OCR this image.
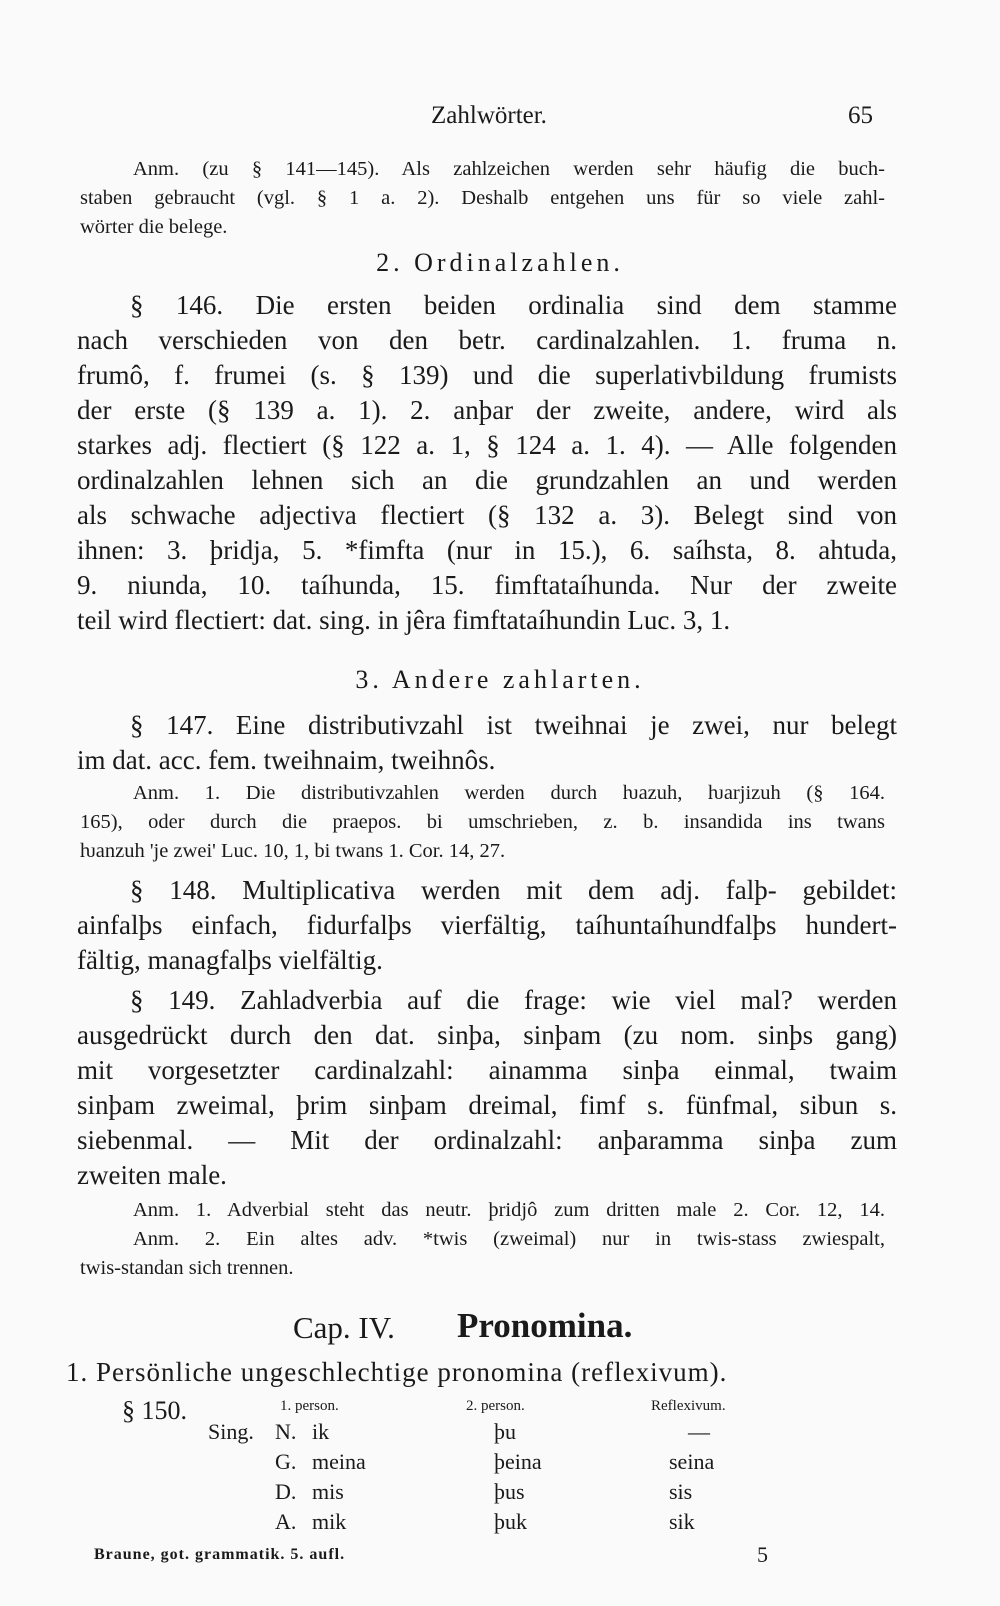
Zahlwörter.	65
Anm. (zu § 141—145). Als zahlzeichen werden sehr häufig die buch-
staben gebraucht (vgl. § 1 a. 2). Deshalb entgehen uns für so viele zahl-
wörter die belege.
2. Ordinalzahlen.
§ 146. Die ersten beiden ordinalia sind dem stamme
nach verschieden von den betr. cardinalzahlen. 1. fruma n.
frumô, f. frumei (s. § 139) und die superlativbildung frumists
der erste (§ 139 a. 1). 2. anþar der zweite, andere, wird als
starkes adj. flectiert (§ 122 a. 1, § 124 a. 1. 4). — Alle folgenden
ordinalzahlen lehnen sich an die grundzahlen an und werden
als schwache adjectiva flectiert (§ 132 a. 3). Belegt sind von
ihnen: 3. þridja, 5. *fimfta (nur in 15.), 6. saíhsta, 8. ahtuda,
9. niunda, 10. taíhunda, 15. fimftataíhunda. Nur der zweite
teil wird flectiert: dat. sing. in jêra fimftataíhundin Luc. 3, 1.
3. Andere zahlarten.
§ 147. Eine distributivzahl ist tweihnai je zwei, nur belegt
im dat. acc. fem. tweihnaim, tweihnôs.
Anm. 1. Die distributivzahlen werden durch ƕazuh, ƕarjizuh (§ 164.
165), oder durch die praepos. bi umschrieben, z. b. insandida ins twans
ƕanzuh 'je zwei' Luc. 10, 1, bi twans 1. Cor. 14, 27.
§ 148. Multiplicativa werden mit dem adj. falþ- gebildet:
ainfalþs einfach, fidurfalþs vierfältig, taíhuntaíhundfalþs hundert-
fältig, managfalþs vielfältig.
§ 149. Zahladverbia auf die frage: wie viel mal? werden
ausgedrückt durch den dat. sinþa, sinþam (zu nom. sinþs gang)
mit vorgesetzter cardinalzahl: ainamma sinþa einmal, twaim
sinþam zweimal, þrim sinþam dreimal, fimf s. fünfmal, sibun s.
siebenmal. — Mit der ordinalzahl: anþaramma sinþa zum
zweiten male.
Anm. 1. Adverbial steht das neutr. þridjô zum dritten male 2. Cor. 12, 14.
Anm. 2. Ein altes adv. *twis (zweimal) nur in twis-stass zwiespalt,
twis-standan sich trennen.
Cap. IV. Pronomina.
1. Persönliche ungeschlechtige pronomina (reflexivum).
§ 150.	1. person.	2. person.	Reflexivum.
Sing. N. ik	þu	—
G. meina	þeina	seina
D. mis	þus	sis
A. mik	þuk	sik
Braune, got. grammatik. 5. aufl.	5
